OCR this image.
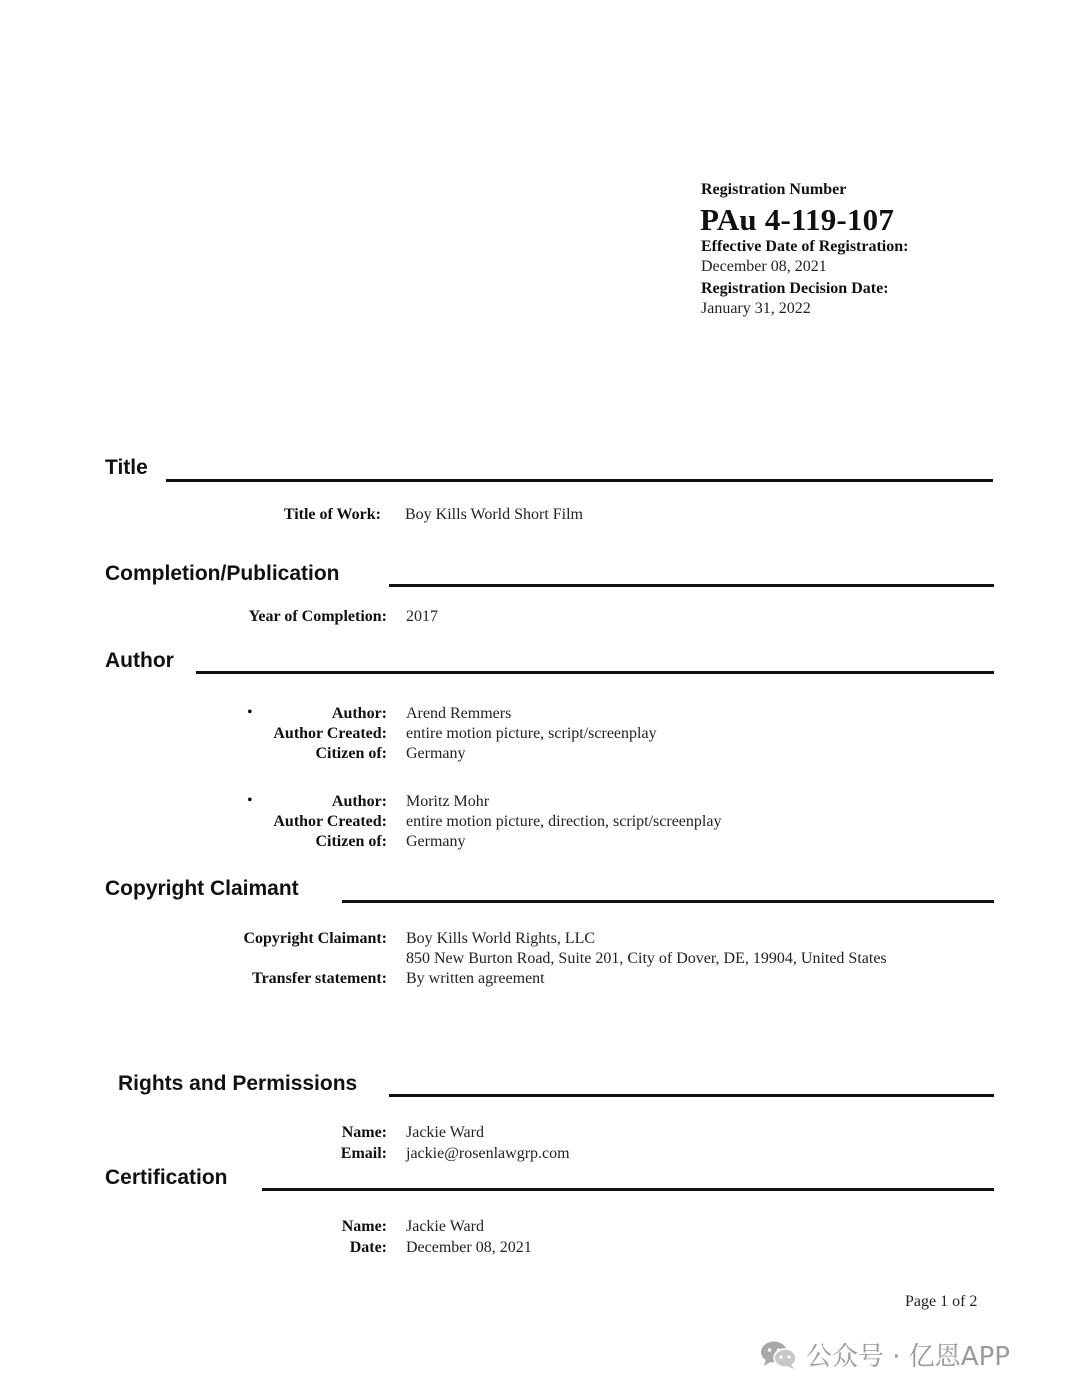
Registration Number
PAu 4-119-107
Effective Date of Registration:
December 08, 2021
Registration Decision Date:
January 31, 2022
Title
Title of Work: Boy Kills World Short Film
Completion/Publication
Year of Completion: 2017
Author
•	Author: Arend Remmers
Author Created: entire motion picture, script/screenplay
Citizen of: Germany
•	Author: Moritz Mohr
Author Created: entire motion picture, direction, script/screenplay
Citizen of: Germany
Copyright Claimant
Copyright Claimant: Boy Kills World Rights, LLC
850 New Burton Road, Suite 201, City of Dover, DE, 19904, United States
Transfer statement: By written agreement
Rights and Permissions
Name: Jackie Ward
Email: jackie@rosenlawgrp.com
Certification
Name: Jackie Ward
Date: December 08, 2021
Page 1 of 2
公众号 · 亿恩APP
